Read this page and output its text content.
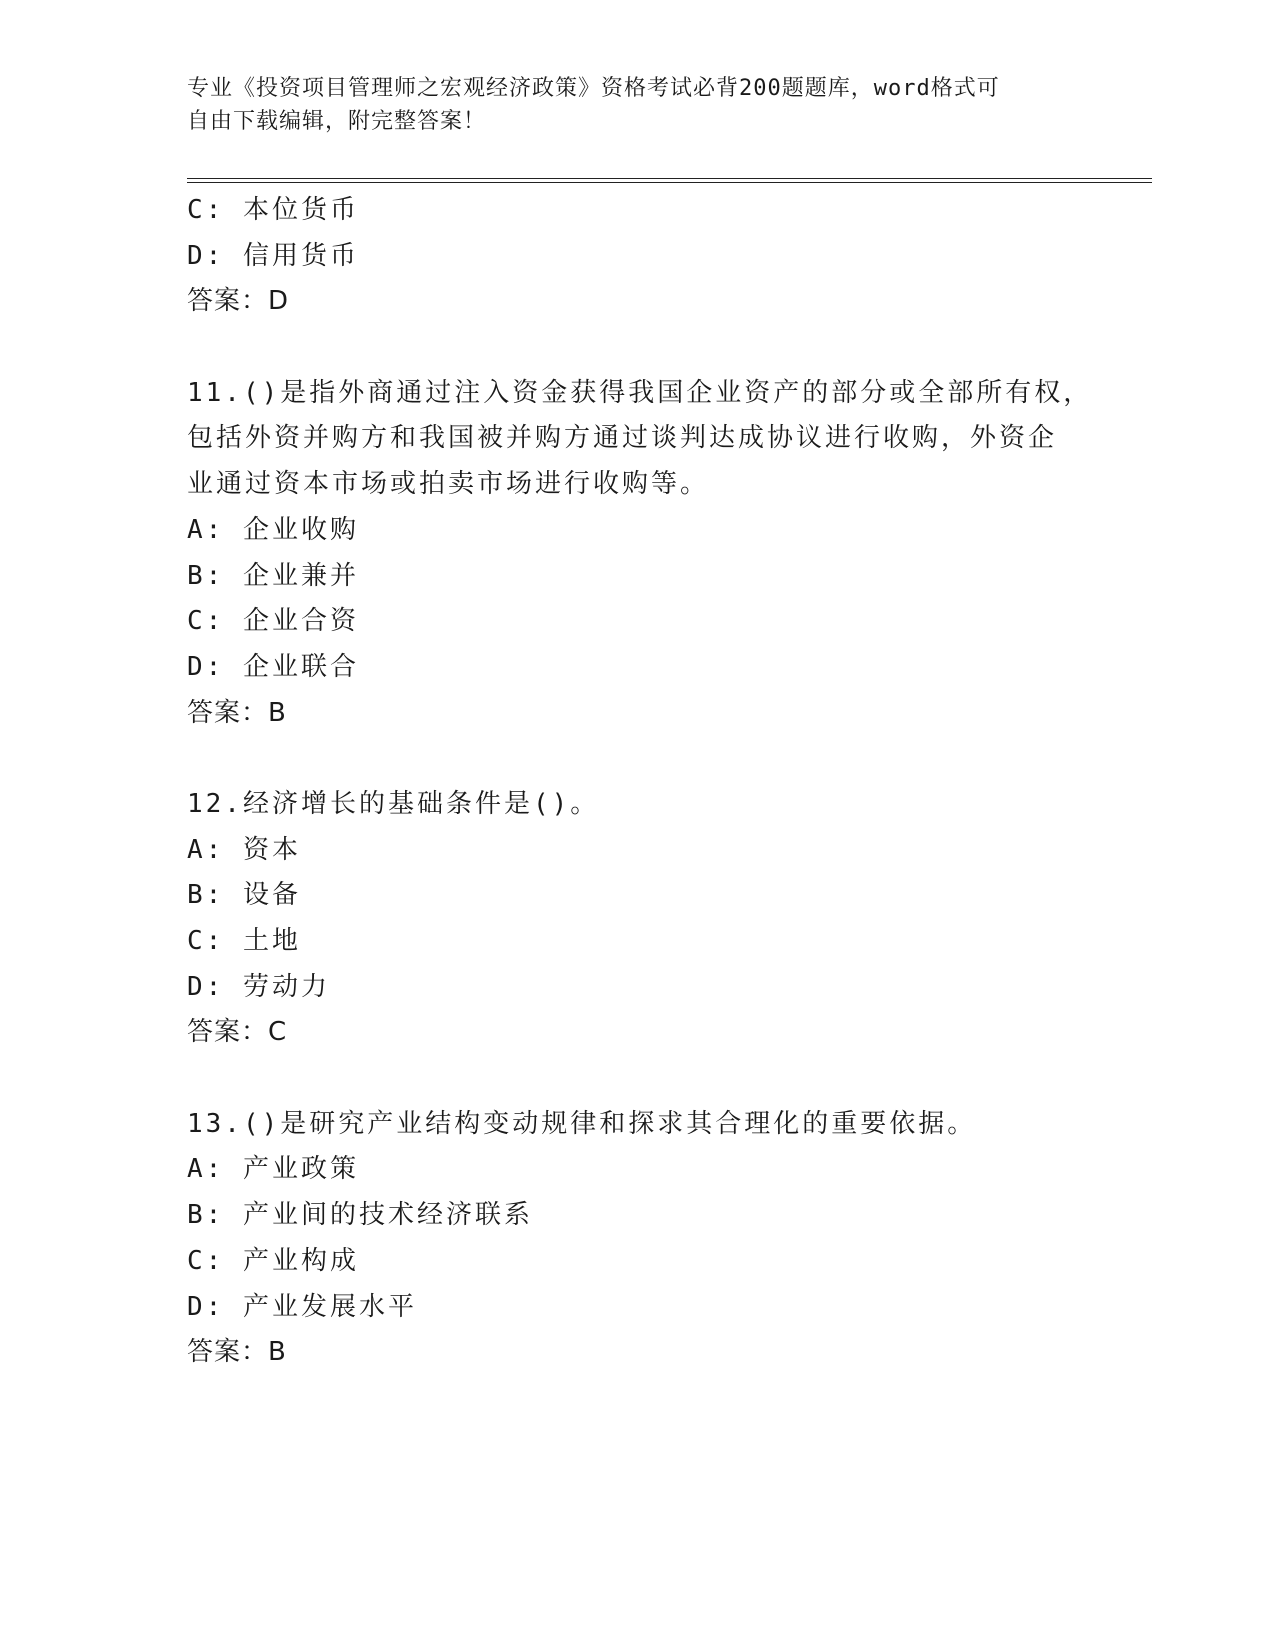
专业《投资项目管理师之宏观经济政策》资格考试必背200题题库，word格式可
自由下载编辑，附完整答案！
C: 本位货币
D: 信用货币
答案：D
11.()是指外商通过注入资金获得我国企业资产的部分或全部所有权，
包括外资并购方和我国被并购方通过谈判达成协议进行收购，外资企
业通过资本市场或拍卖市场进行收购等。
A: 企业收购
B: 企业兼并
C: 企业合资
D: 企业联合
答案：B
12.经济增长的基础条件是()。
A: 资本
B: 设备
C: 土地
D: 劳动力
答案：C
13.()是研究产业结构变动规律和探求其合理化的重要依据。
A: 产业政策
B: 产业间的技术经济联系
C: 产业构成
D: 产业发展水平
答案：B
